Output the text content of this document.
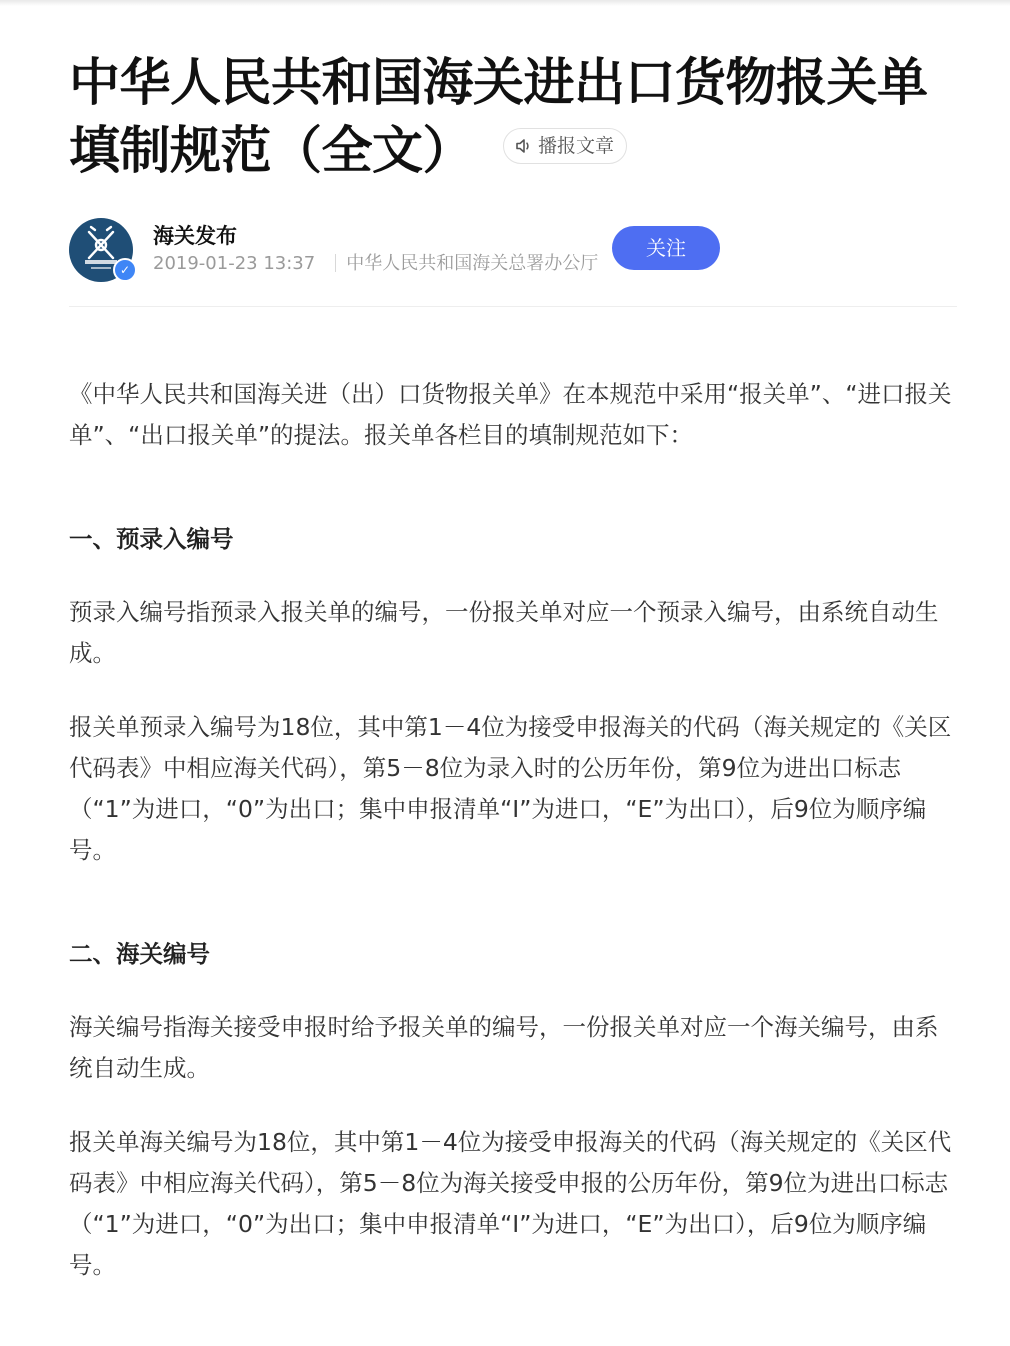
中华人民共和国海关进出口货物报关单填制规范（全文）	播报文章
✓
海关发布
2019-01-23 13:37 中华人民共和国海关总署办公厅
关注

《中华人民共和国海关进（出）口货物报关单》在本规范中采用“报关单”、“进口报关单”、“出口报关单”的提法。报关单各栏目的填制规范如下：

一、预录入编号

预录入编号指预录入报关单的编号，一份报关单对应一个预录入编号，由系统自动生成。

报关单预录入编号为18位，其中第1－4位为接受申报海关的代码（海关规定的《关区代码表》中相应海关代码），第5－8位为录入时的公历年份，第9位为进出口标志（“1”为进口，“0”为出口；集中申报清单“I”为进口，“E”为出口），后9位为顺序编号。

二、海关编号

海关编号指海关接受申报时给予报关单的编号，一份报关单对应一个海关编号，由系统自动生成。

报关单海关编号为18位，其中第1－4位为接受申报海关的代码（海关规定的《关区代码表》中相应海关代码），第5－8位为海关接受申报的公历年份，第9位为进出口标志（“1”为进口，“0”为出口；集中申报清单“I”为进口，“E”为出口），后9位为顺序编号。
